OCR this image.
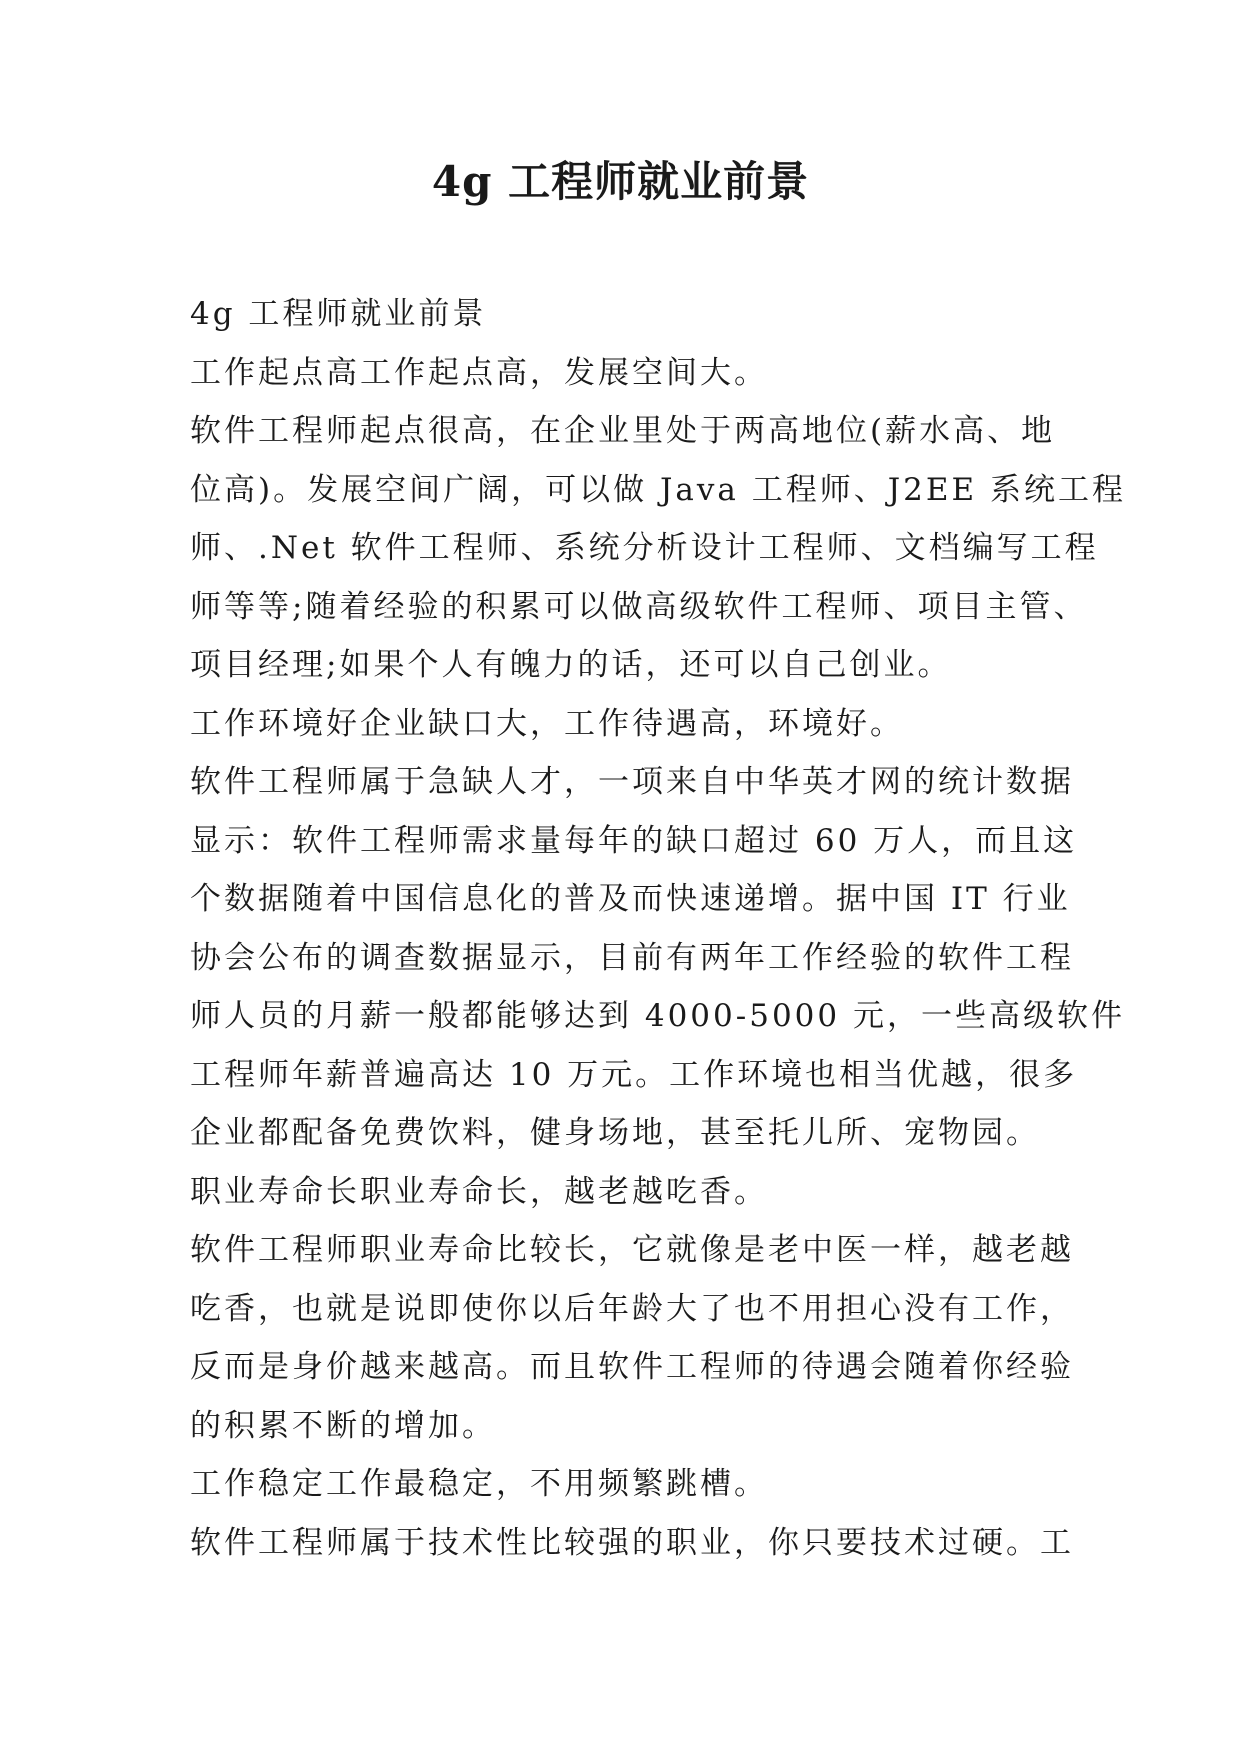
4g 工程师就业前景

4g 工程师就业前景

工作起点高工作起点高，发展空间大。

软件工程师起点很高，在企业里处于两高地位(薪水高、地

位高)。发展空间广阔，可以做 Java 工程师、J2EE 系统工程

师、.Net 软件工程师、系统分析设计工程师、文档编写工程

师等等;随着经验的积累可以做高级软件工程师、项目主管、

项目经理;如果个人有魄力的话，还可以自己创业。

工作环境好企业缺口大，工作待遇高，环境好。

软件工程师属于急缺人才，一项来自中华英才网的统计数据

显示：软件工程师需求量每年的缺口超过 60 万人，而且这

个数据随着中国信息化的普及而快速递增。据中国 IT 行业

协会公布的调查数据显示，目前有两年工作经验的软件工程

师人员的月薪一般都能够达到 4000-5000 元，一些高级软件

工程师年薪普遍高达 10 万元。工作环境也相当优越，很多

企业都配备免费饮料，健身场地，甚至托儿所、宠物园。

职业寿命长职业寿命长，越老越吃香。

软件工程师职业寿命比较长，它就像是老中医一样，越老越

吃香，也就是说即使你以后年龄大了也不用担心没有工作，

反而是身价越来越高。而且软件工程师的待遇会随着你经验

的积累不断的增加。

工作稳定工作最稳定，不用频繁跳槽。

软件工程师属于技术性比较强的职业，你只要技术过硬。工
